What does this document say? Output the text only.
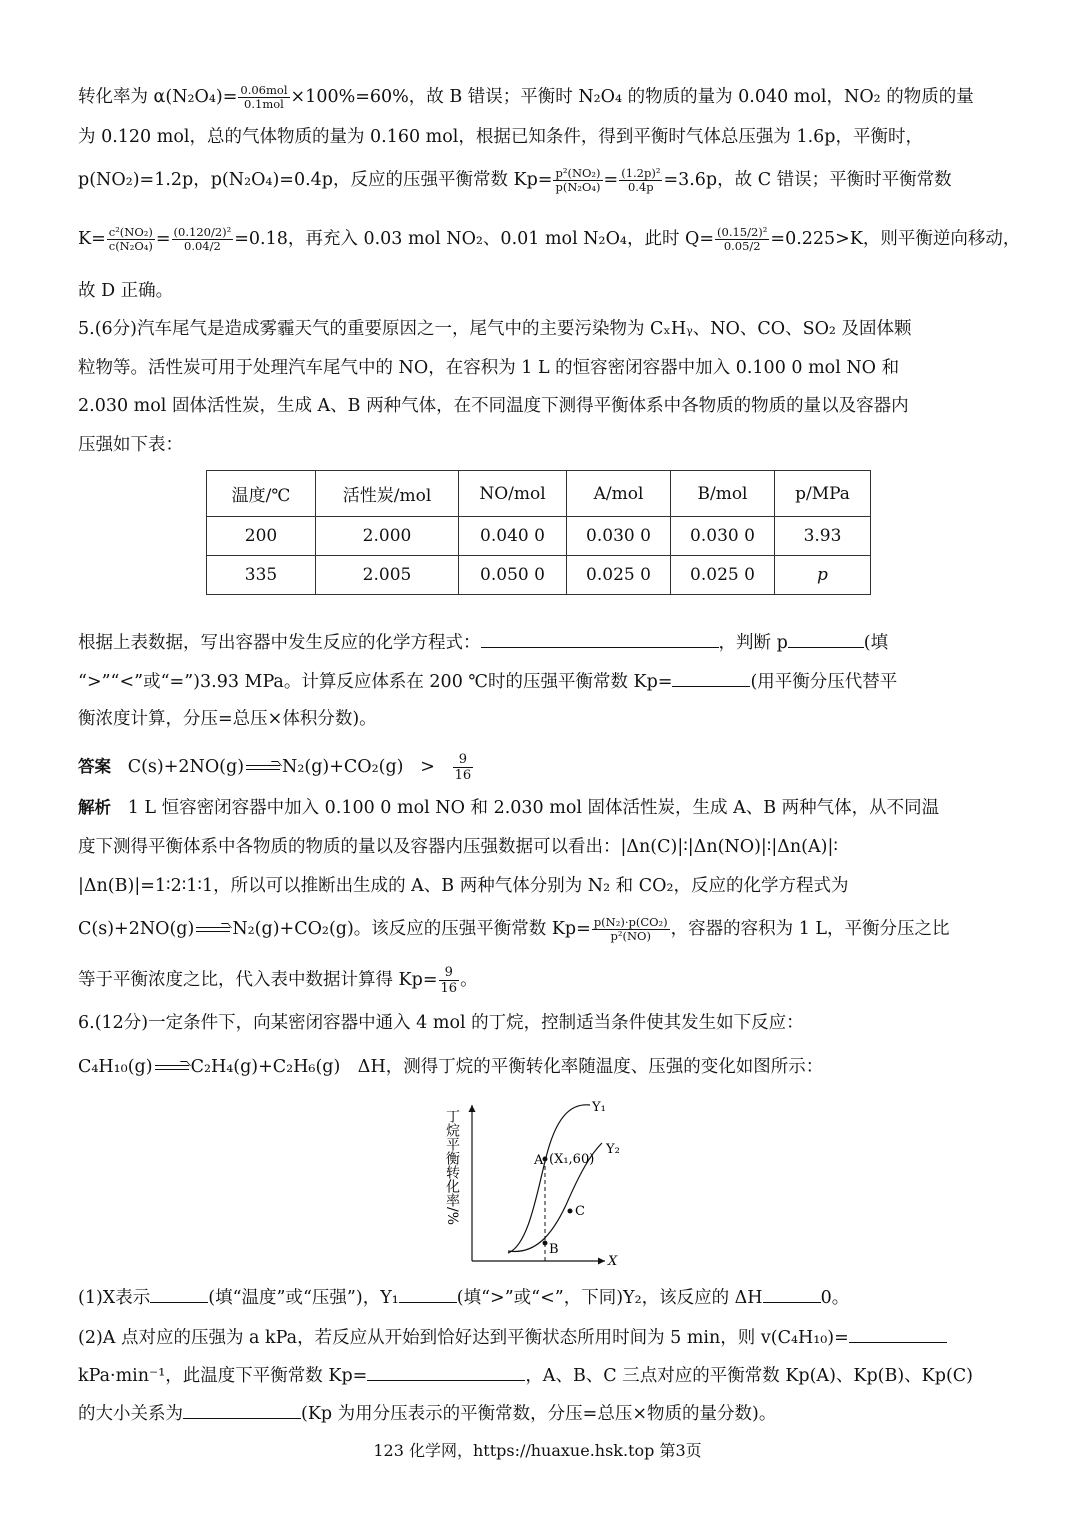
转化率为 $\alpha(N_2O_4)= \frac{\text{0.06mol}}{\text{0.1mol}} \times 100\%=60\%$，故 B 错误；平衡时 N₂O₄ 的物质的量为 0.040 mol，NO₂ 的物质的量
为 0.120 mol，总的气体物质的量为 0.160 mol，根据已知条件，得到平衡时气体总压强为 1.6p，平衡时，
p(NO₂)=1.2p，p(N₂O₄)=0.4p，反应的压强平衡常数 $Kp= \frac{\text{p²(NO₂)}}{\text{p(N₂O₄)}} = \frac{\text{(1.2p)²}}{0.4p} =3.6p$，故 C 错误；平衡时平衡常数
$K= \frac{\text{c²(NO₂)}}{\text{c(N₂O₄)}} = \frac{\text{(0.120/2)²}}{0.04/2} =0.18$，再充入 0.03 mol NO₂、0.01 mol N₂O₄，此时 $Q= \frac{\text{(0.15/2)²}}{0.05/2} =0.225>K$，则平衡逆向移动，
故 D 正确。
5.(6分)汽车尾气是造成雾霾天气的重要原因之一，尾气中的主要污染物为 CₓHᵧ、NO、CO、SO₂ 及固体颗
粒物等。活性炭可用于处理汽车尾气中的 NO，在容积为 1 L 的恒容密闭容器中加入 0.100 0 mol NO 和
2.030 mol 固体活性炭，生成 A、B 两种气体，在不同温度下测得平衡体系中各物质的物质的量以及容器内
压强如下表：
温度/℃	活性炭/mol	NO/mol	A/mol	B/mol	p/MPa
200	2.000	0.040 0	0.030 0	0.030 0	3.93
335	2.005	0.050 0	0.025 0	0.025 0	p
根据上表数据，写出容器中发生反应的化学方程式：	，判断 p	(填
“>”“<”或“=”)3.93 MPa。计算反应体系在 200 ℃时的压强平衡常数 Kp=	(用平衡分压代替平
衡浓度计算，分压=总压×体积分数)。
答案 $C(s)+2NO(g) \to N_2(g)+CO_2(g) > \frac{9}{16}$
解析 1 L 恒容密闭容器中加入 0.100 0 mol NO 和 2.030 mol 固体活性炭，生成 A、B 两种气体，从不同温
度下测得平衡体系中各物质的物质的量以及容器内压强数据可以看出：|Δn(C)|∶|Δn(NO)|∶|Δn(A)|∶
|Δn(B)|=1∶2∶1∶1，所以可以推断出生成的 A、B 两种气体分别为 N₂ 和 CO₂，反应的化学方程式为
C(s)+2NO(g) → N₂(g)+CO₂(g)。该反应的压强平衡常数 $Kp= \frac{\text{p(N₂)·p(CO₂)}}{\text{p²(NO)}}$ ，容器的容积为 1 L，平衡分压之比
等于平衡浓度之比，代入表中数据计算得 $Kp= \frac{9}{16}$ 。
6.(12分)一定条件下，向某密闭容器中通入 4 mol 的丁烷，控制适当条件使其发生如下反应：
C₄H₁₀(g) → C₂H₄(g)+C₂H₆(g)　ΔH，测得丁烷的平衡转化率随温度、压强的变化如图所示：
A (X₁,60)
B
C
Y₁
Y₂
X
丁烷平衡转化率/%
(1)X表示	(填“温度”或“压强”)，Y₁	(填“>”或“<”，下同)Y₂，该反应的 ΔH	0。
(2)A 点对应的压强为 a kPa，若反应从开始到恰好达到平衡状态所用时间为 5 min，则 v(C₄H₁₀)=
kPa·min⁻¹，此温度下平衡常数 Kp=	，A、B、C 三点对应的平衡常数 Kp(A)、Kp(B)、Kp(C)
的大小关系为	(Kp 为用分压表示的平衡常数，分压=总压×物质的量分数)。
123 化学网，https://huaxue.hsk.top 第3页
